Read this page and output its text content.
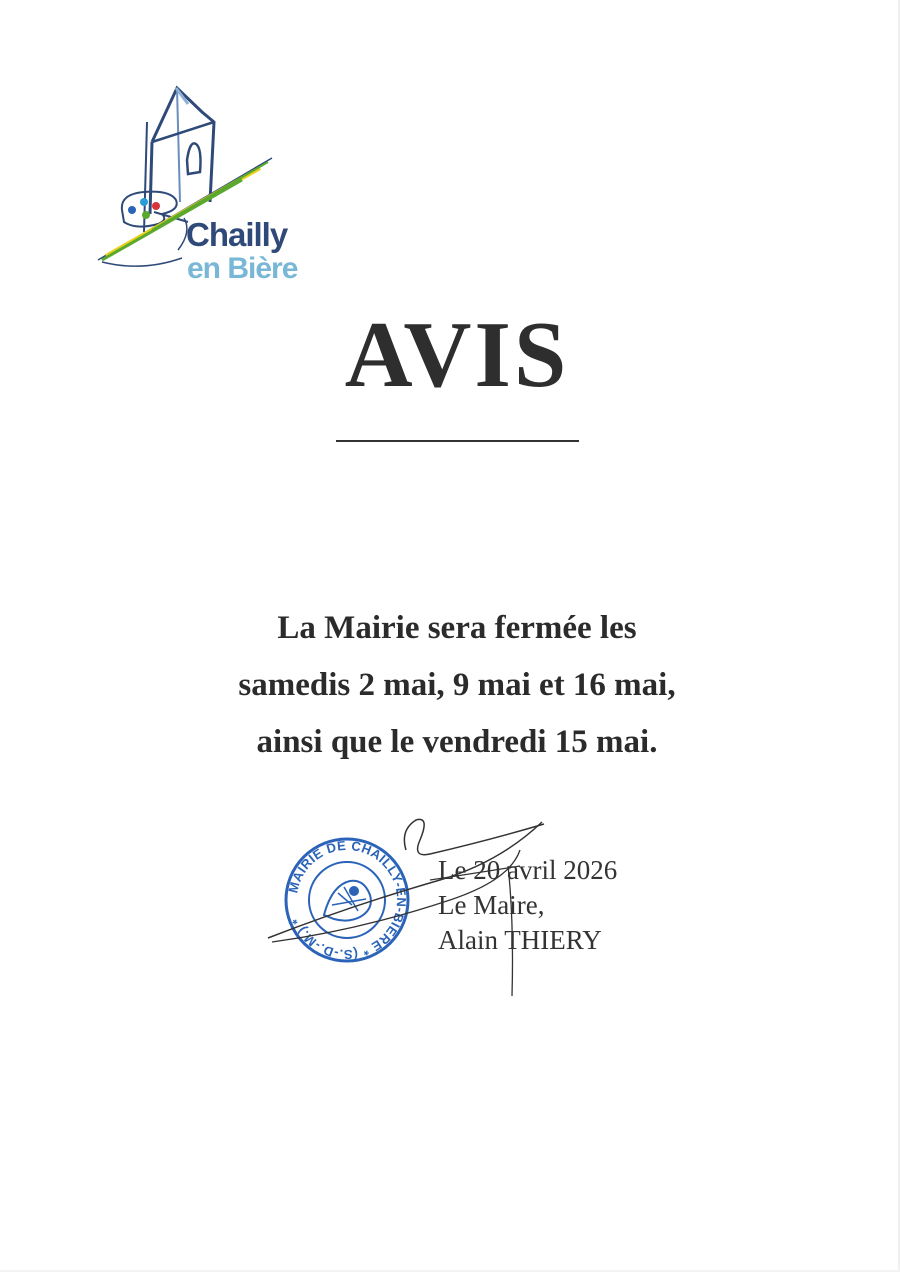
Chailly
en Bière
AVIS
La Mairie sera fermée les
samedis 2 mai, 9 mai et 16 mai,
ainsi que le vendredi 15 mai.
MAIRIE DE CHAILLY-EN-BIÈRE * (S.-D.-M.) *
Le 20 avril 2026
Le Maire,
Alain THIERY
